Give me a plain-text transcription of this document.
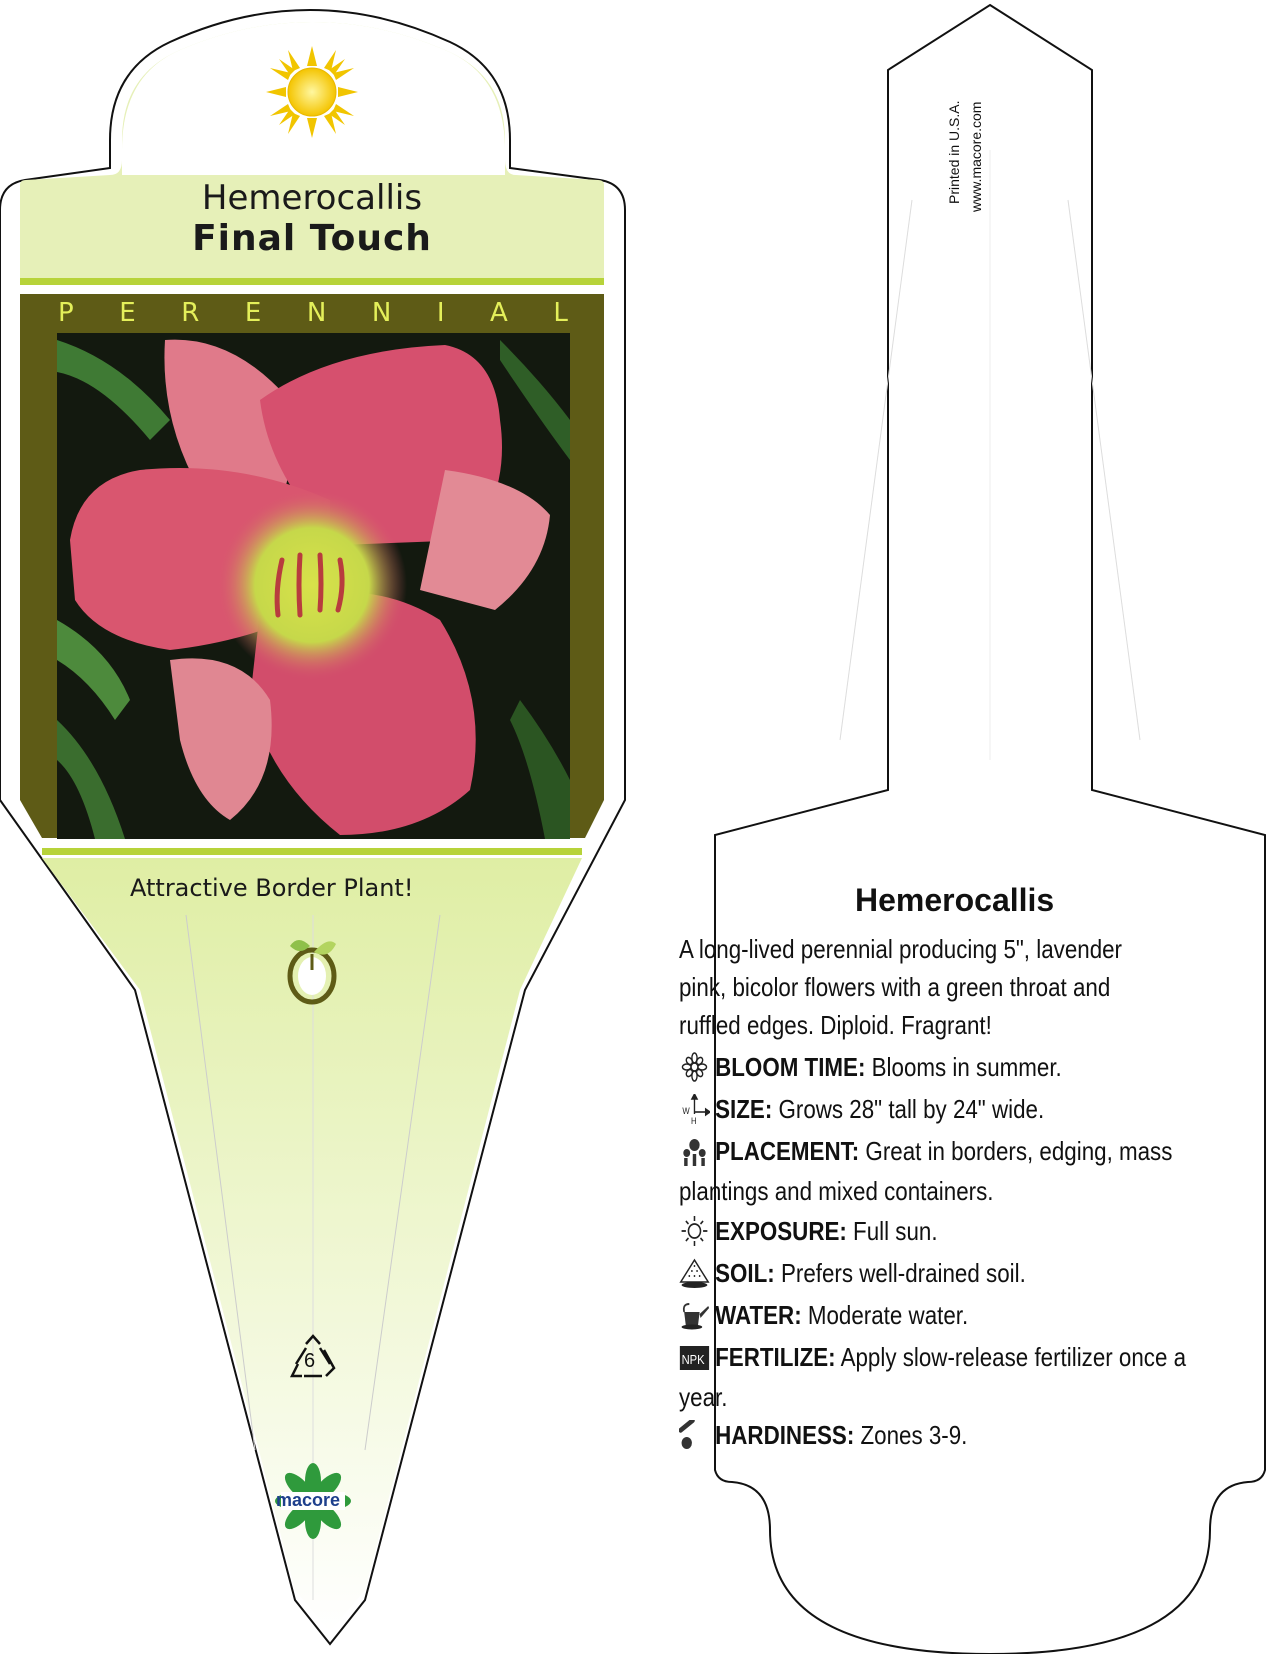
Hemerocallis
Final Touch
P E R E N N I A L
Attractive Border Plant!
6
macore
Printed in U.S.A. www.macore.com
Hemerocallis
A long-lived perennial producing 5", lavender pink, bicolor flowers with a green throat and ruffled edges. Diploid. Fragrant!
BLOOM TIME: Blooms in summer.
W
H SIZE: Grows 28" tall by 24" wide.
PLACEMENT: Great in borders, edging, mass plantings and mixed containers.
EXPOSURE: Full sun.
SOIL: Prefers well-drained soil.
WATER: Moderate water.
NPK FERTILIZE: Apply slow-release fertilizer once a year.
HARDINESS: Zones 3-9.
